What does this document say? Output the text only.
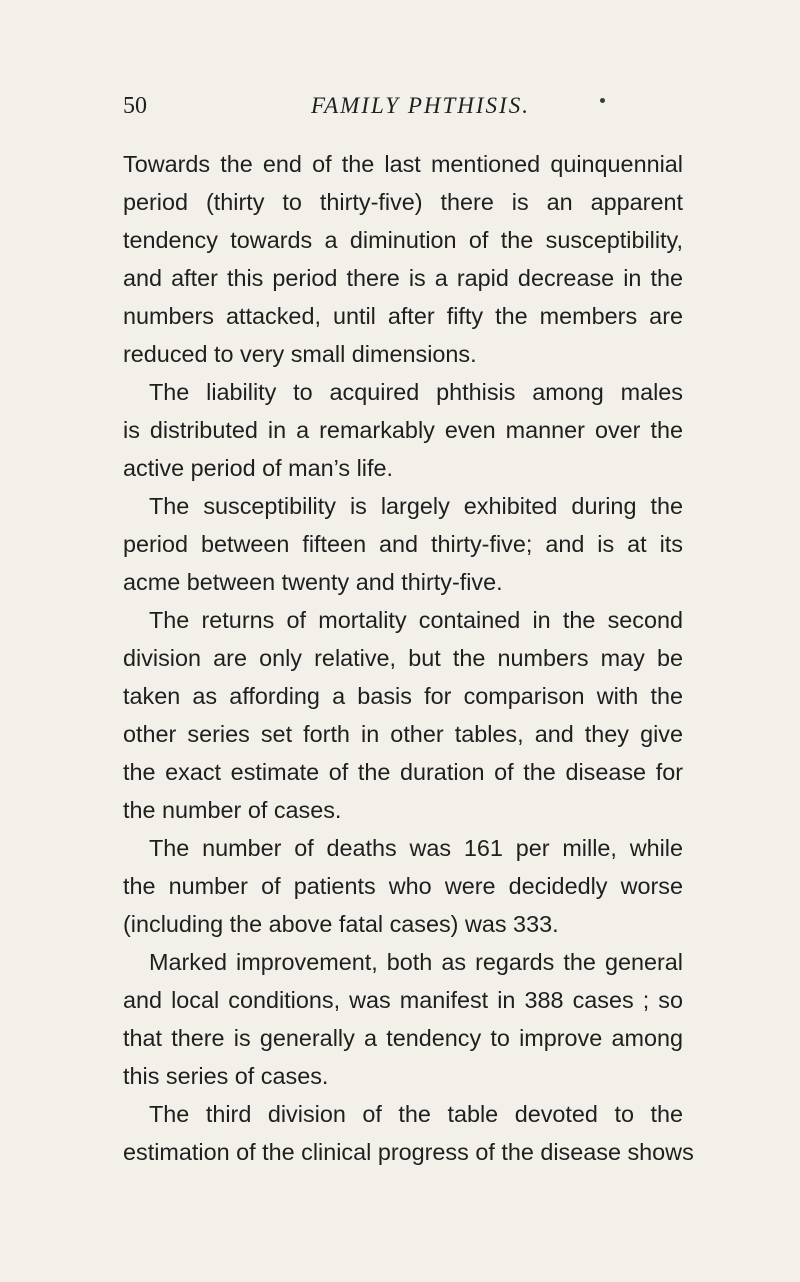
50	FAMILY PHTHISIS.
Towards the end of the last mentioned quinquennial
period (thirty to thirty-five) there is an apparent
tendency towards a diminution of the susceptibility,
and after this period there is a rapid decrease in the
numbers attacked, until after fifty the members are
reduced to very small dimensions.
The liability to acquired phthisis among males
is distributed in a remarkably even manner over the
active period of man’s life.
The susceptibility is largely exhibited during the
period between fifteen and thirty-five; and is at its
acme between twenty and thirty-five.
The returns of mortality contained in the second
division are only relative, but the numbers may be
taken as affording a basis for comparison with the
other series set forth in other tables, and they give
the exact estimate of the duration of the disease for
the number of cases.
The number of deaths was 161 per mille, while
the number of patients who were decidedly worse
(including the above fatal cases) was 333.
Marked improvement, both as regards the general
and local conditions, was manifest in 388 cases ; so
that there is generally a tendency to improve among
this series of cases.
The third division of the table devoted to the
estimation of the clinical progress of the disease shows
